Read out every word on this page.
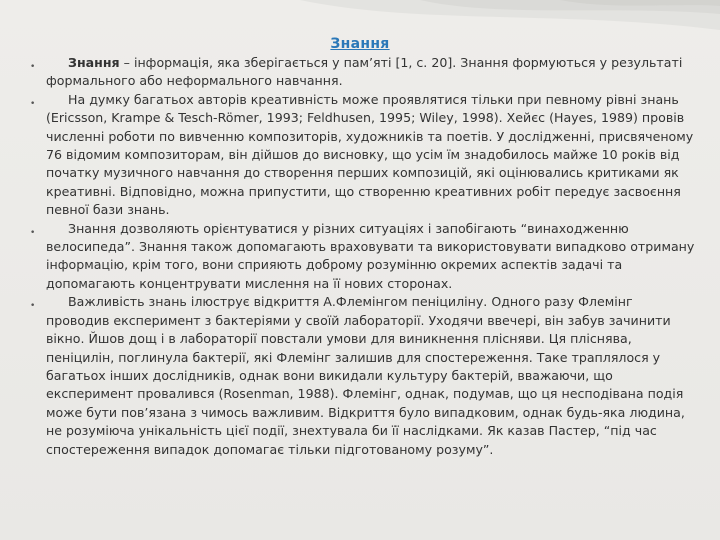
Знання

•	Знання – інформація, яка зберігається у пам’яті [1, с. 20]. Знання формуються у результаті формального або неформального навчання.

•	На думку багатьох авторів креативність може проявлятися тільки при певному рівні знань (Ericsson, Krampe & Tesch-Römer, 1993; Feldhusen, 1995; Wiley, 1998). Хейєс (Hayes, 1989) провів численні роботи по вивченню композиторів, художників та поетів. У дослідженні, присвяченому 76 відомим композиторам, він дійшов до висновку, що усім їм знадобилось майже 10 років від початку музичного навчання до створення перших композицій, які оцінювались критиками як креативні. Відповідно, можна припустити, що створенню креативних робіт передує засвоєння певної бази знань.

•	Знання дозволяють орієнтуватися у різних ситуаціях і запобігають “винаходженню велосипеда”. Знання також допомагають враховувати та використовувати випадково отриману інформацію, крім того, вони сприяють доброму розумінню окремих аспектів задачі та допомагають концентрувати мислення на її нових сторонах.

•	Важливість знань ілюструє відкриття А.Флемінгом пеніциліну. Одного разу Флемінг проводив експеримент з бактеріями у своїй лабораторії. Уходячи ввечері, він забув зачинити вікно. Йшов дощ і в лабораторії повстали умови для виникнення плісняви. Ця пліснява, пеніцилін, поглинула бактерії, які Флемінг залишив для спостереження. Таке траплялося у багатьох інших дослідників, однак вони викидали культуру бактерій, вважаючи, що експеримент провалився (Rosenman, 1988). Флемінг, однак, подумав, що ця несподівана подія може бути пов’язана з чимось важливим. Відкриття було випадковим, однак будь-яка людина, не розуміюча унікальність цієї події, знехтувала би її наслідками. Як казав Пастер, “під час спостереження випадок допомагає тільки підготованому розуму”.
